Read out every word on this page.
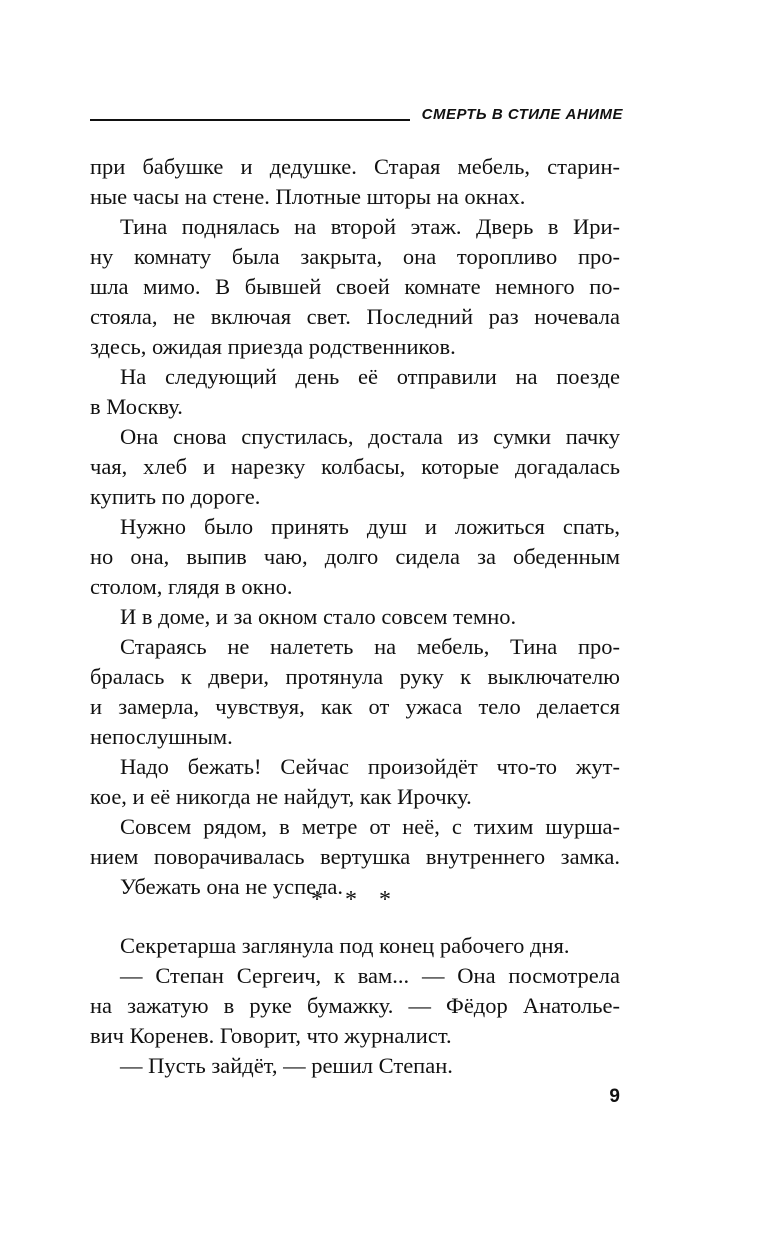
СМЕРТЬ В СТИЛЕ АНИМЕ
при бабушке и дедушке. Старая мебель, старин-
ные часы на стене. Плотные шторы на окнах.
Тина поднялась на второй этаж. Дверь в Ири-
ну комнату была закрыта, она торопливо про-
шла мимо. В бывшей своей комнате немного по-
стояла, не включая свет. Последний раз ночевала
здесь, ожидая приезда родственников.
На следующий день её отправили на поезде
в Москву.
Она снова спустилась, достала из сумки пачку
чая, хлеб и нарезку колбасы, которые догадалась
купить по дороге.
Нужно было принять душ и ложиться спать,
но она, выпив чаю, долго сидела за обеденным
столом, глядя в окно.
И в доме, и за окном стало совсем темно.
Стараясь не налететь на мебель, Тина про-
бралась к двери, протянула руку к выключателю
и замерла, чувствуя, как от ужаса тело делается
непослушным.
Надо бежать! Сейчас произойдёт что-то жут-
кое, и её никогда не найдут, как Ирочку.
Совсем рядом, в метре от неё, с тихим шурша-
нием поворачивалась вертушка внутреннего замка.
Убежать она не успела.
* * *
Секретарша заглянула под конец рабочего дня.
— Степан Сергеич, к вам... — Она посмотрела
на зажатую в руке бумажку. — Фёдор Анатолье-
вич Коренев. Говорит, что журналист.
— Пусть зайдёт, — решил Степан.
9
